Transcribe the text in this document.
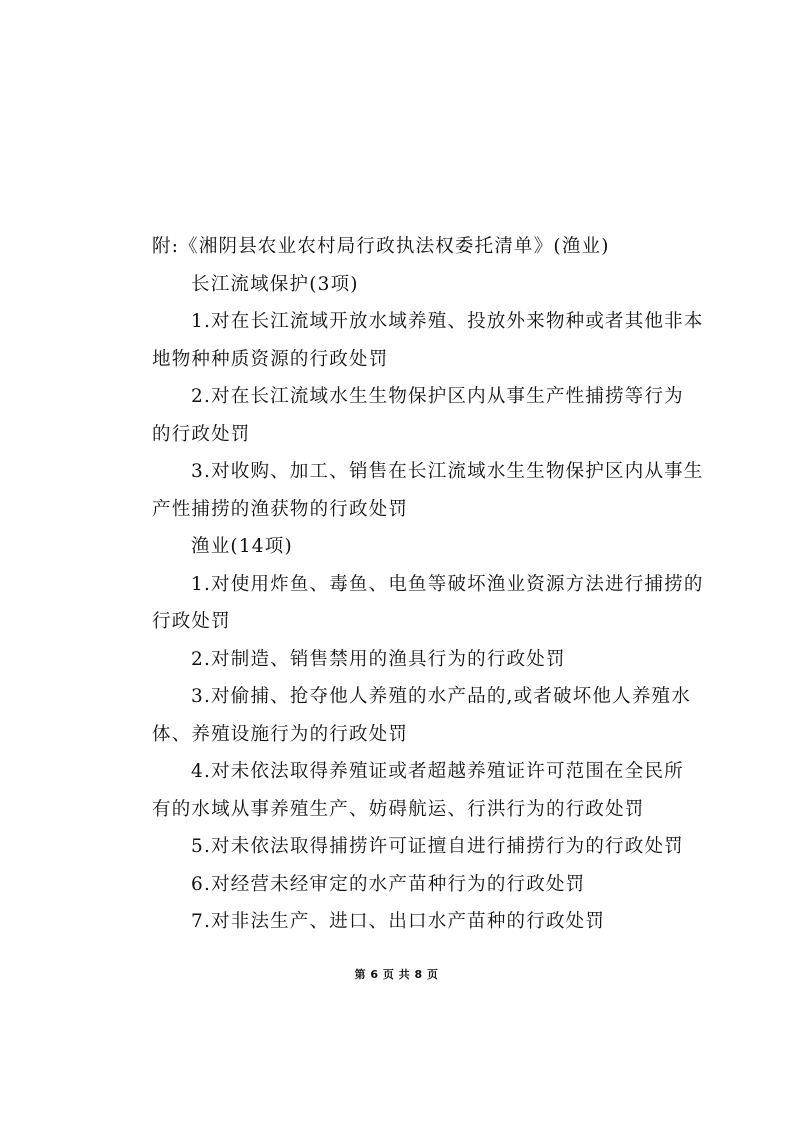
附:《湘阴县农业农村局行政执法权委托清单》(渔业)
长江流域保护(3项)
1.对在长江流域开放水域养殖、投放外来物种或者其他非本
地物种种质资源的行政处罚
2.对在长江流域水生生物保护区内从事生产性捕捞等行为
的行政处罚
3.对收购、加工、销售在长江流域水生生物保护区内从事生
产性捕捞的渔获物的行政处罚
渔业(14项)
1.对使用炸鱼、毒鱼、电鱼等破坏渔业资源方法进行捕捞的
行政处罚
2.对制造、销售禁用的渔具行为的行政处罚
3.对偷捕、抢夺他人养殖的水产品的,或者破坏他人养殖水
体、养殖设施行为的行政处罚
4.对未依法取得养殖证或者超越养殖证许可范围在全民所
有的水域从事养殖生产、妨碍航运、行洪行为的行政处罚
5.对未依法取得捕捞许可证擅自进行捕捞行为的行政处罚
6.对经营未经审定的水产苗种行为的行政处罚
7.对非法生产、进口、出口水产苗种的行政处罚
第 6 页 共 8 页
